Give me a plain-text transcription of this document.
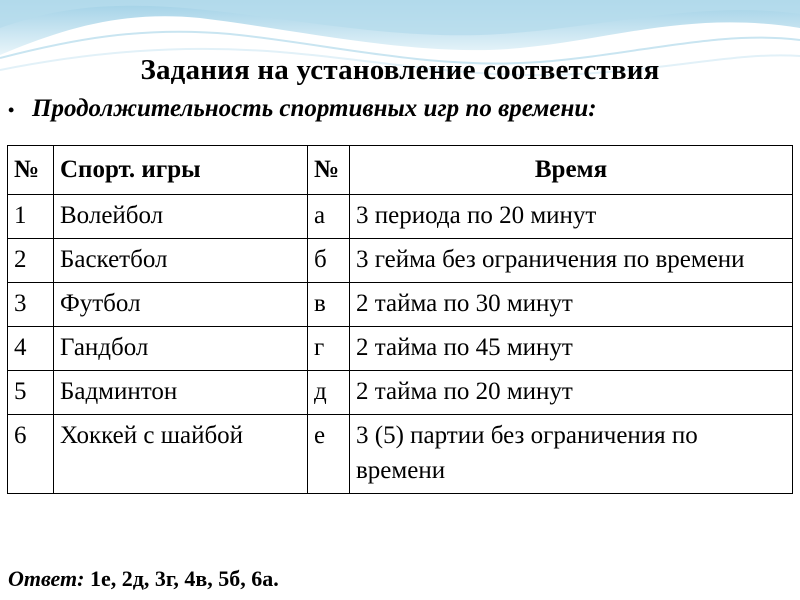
Задания на установление соответствия
• Продолжительность спортивных игр по времени:
№	Спорт. игры	№	Время
1	Волейбол	а	3 периода по 20 минут
2	Баскетбол	б	3 гейма без ограничения по времени
3	Футбол	в	2 тайма по 30 минут
4	Гандбол	г	2 тайма по 45 минут
5	Бадминтон	д	2 тайма по 20 минут
6	Хоккей с шайбой	е	3 (5) партии без ограничения по времени
Ответ: 1е, 2д, 3г, 4в, 5б, 6а.
